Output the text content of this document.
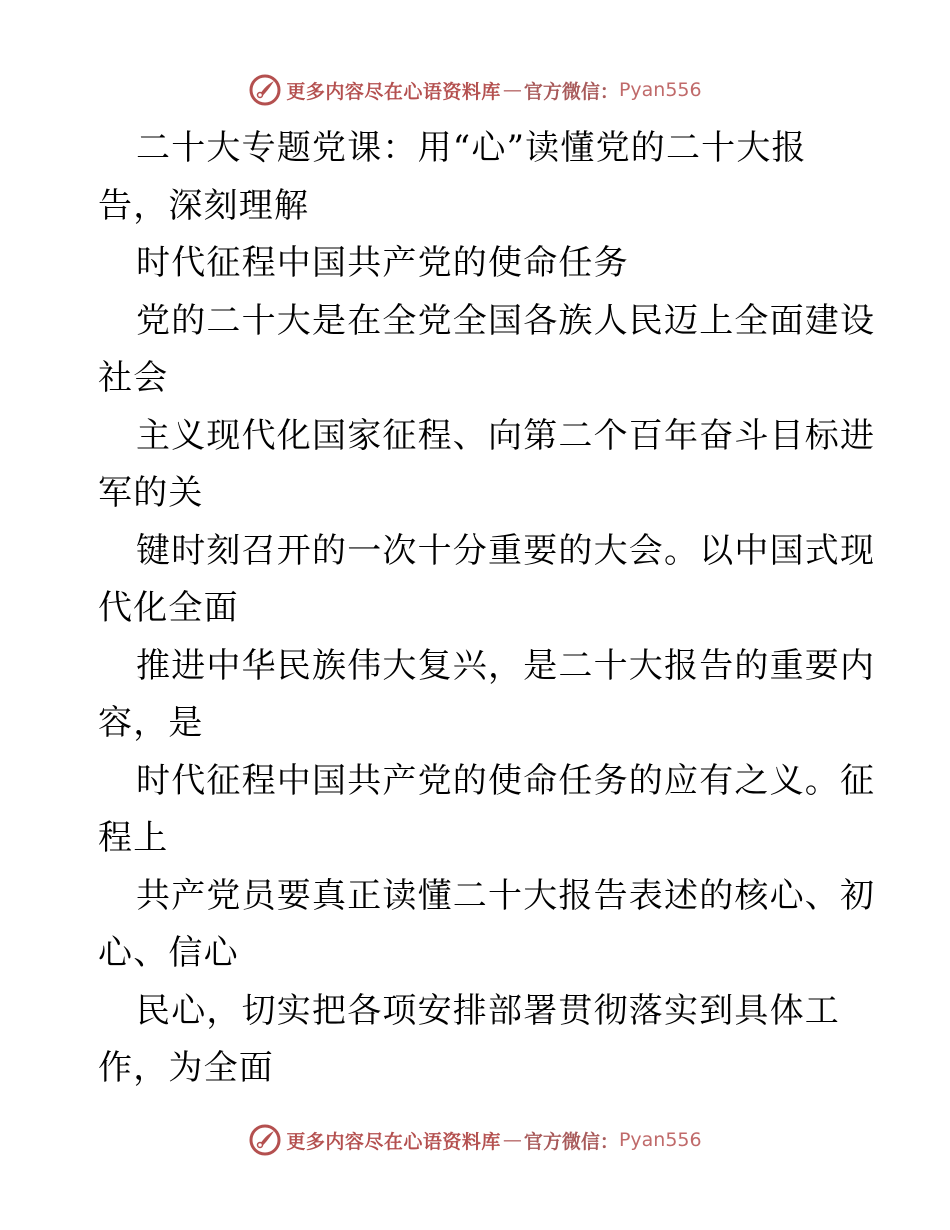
更多内容尽在心语资料库 — 官方微信： Pyan556
二十大专题党课：用“心”读懂党的二十大报
告，深刻理解
时代征程中国共产党的使命任务
党的二十大是在全党全国各族人民迈上全面建设
社会
主义现代化国家征程、向第二个百年奋斗目标进
军的关
键时刻召开的一次十分重要的大会。以中国式现
代化全面
推进中华民族伟大复兴，是二十大报告的重要内
容，是
时代征程中国共产党的使命任务的应有之义。征
程上
共产党员要真正读懂二十大报告表述的核心、初
心、信心
民心，切实把各项安排部署贯彻落实到具体工
作，为全面
更多内容尽在心语资料库 — 官方微信： Pyan556
